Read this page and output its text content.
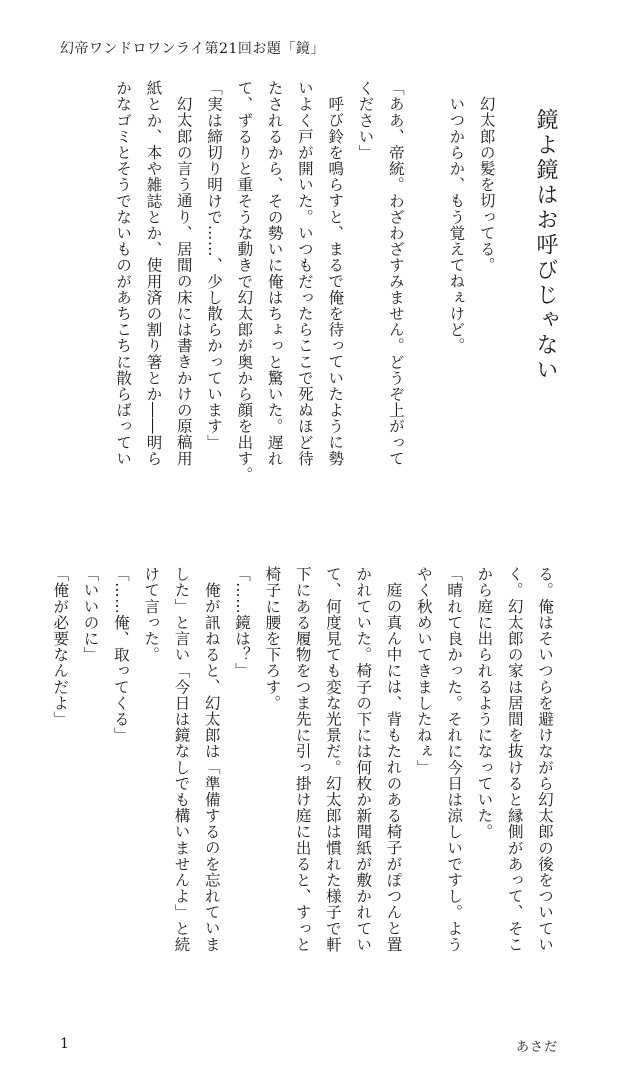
幻帝ワンドロワンライ第21回お題「鏡」
鏡よ鏡はお呼びじゃない
幻太郎の髪を切ってる。
いつからか、もう覚えてねぇけど。
「ああ、帝統。わざわざすみません。どうぞ上がって
ください」
呼び鈴を鳴らすと、まるで俺を待っていたように勢
いよく戸が開いた。いつもだったらここで死ぬほど待
たされるから、その勢いに俺はちょっと驚いた。遅れ
て、ずるりと重そうな動きで幻太郎が奥から顔を出す。
「実は締切り明けで……、少し散らかっています」
幻太郎の言う通り、居間の床には書きかけの原稿用
紙とか、本や雑誌とか、使用済の割り箸とか――明ら
かなゴミとそうでないものがあちこちに散らばってい
る。俺はそいつらを避けながら幻太郎の後をついてい
く。幻太郎の家は居間を抜けると縁側があって、そこ
から庭に出られるようになっていた。
「晴れて良かった。それに今日は涼しいですし。よう
やく秋めいてきましたねぇ」
庭の真ん中には、背もたれのある椅子がぽつんと置
かれていた。椅子の下には何枚か新聞紙が敷かれてい
て、何度見ても変な光景だ。幻太郎は慣れた様子で軒
下にある履物をつま先に引っ掛け庭に出ると、すっと
椅子に腰を下ろす。
「……鏡は？」
俺が訊ねると、幻太郎は「準備するのを忘れていま
した」と言い「今日は鏡なしでも構いませんよ」と続
けて言った。
「……俺、取ってくる」
「いいのに」
「俺が必要なんだよ」
1	あさだ
